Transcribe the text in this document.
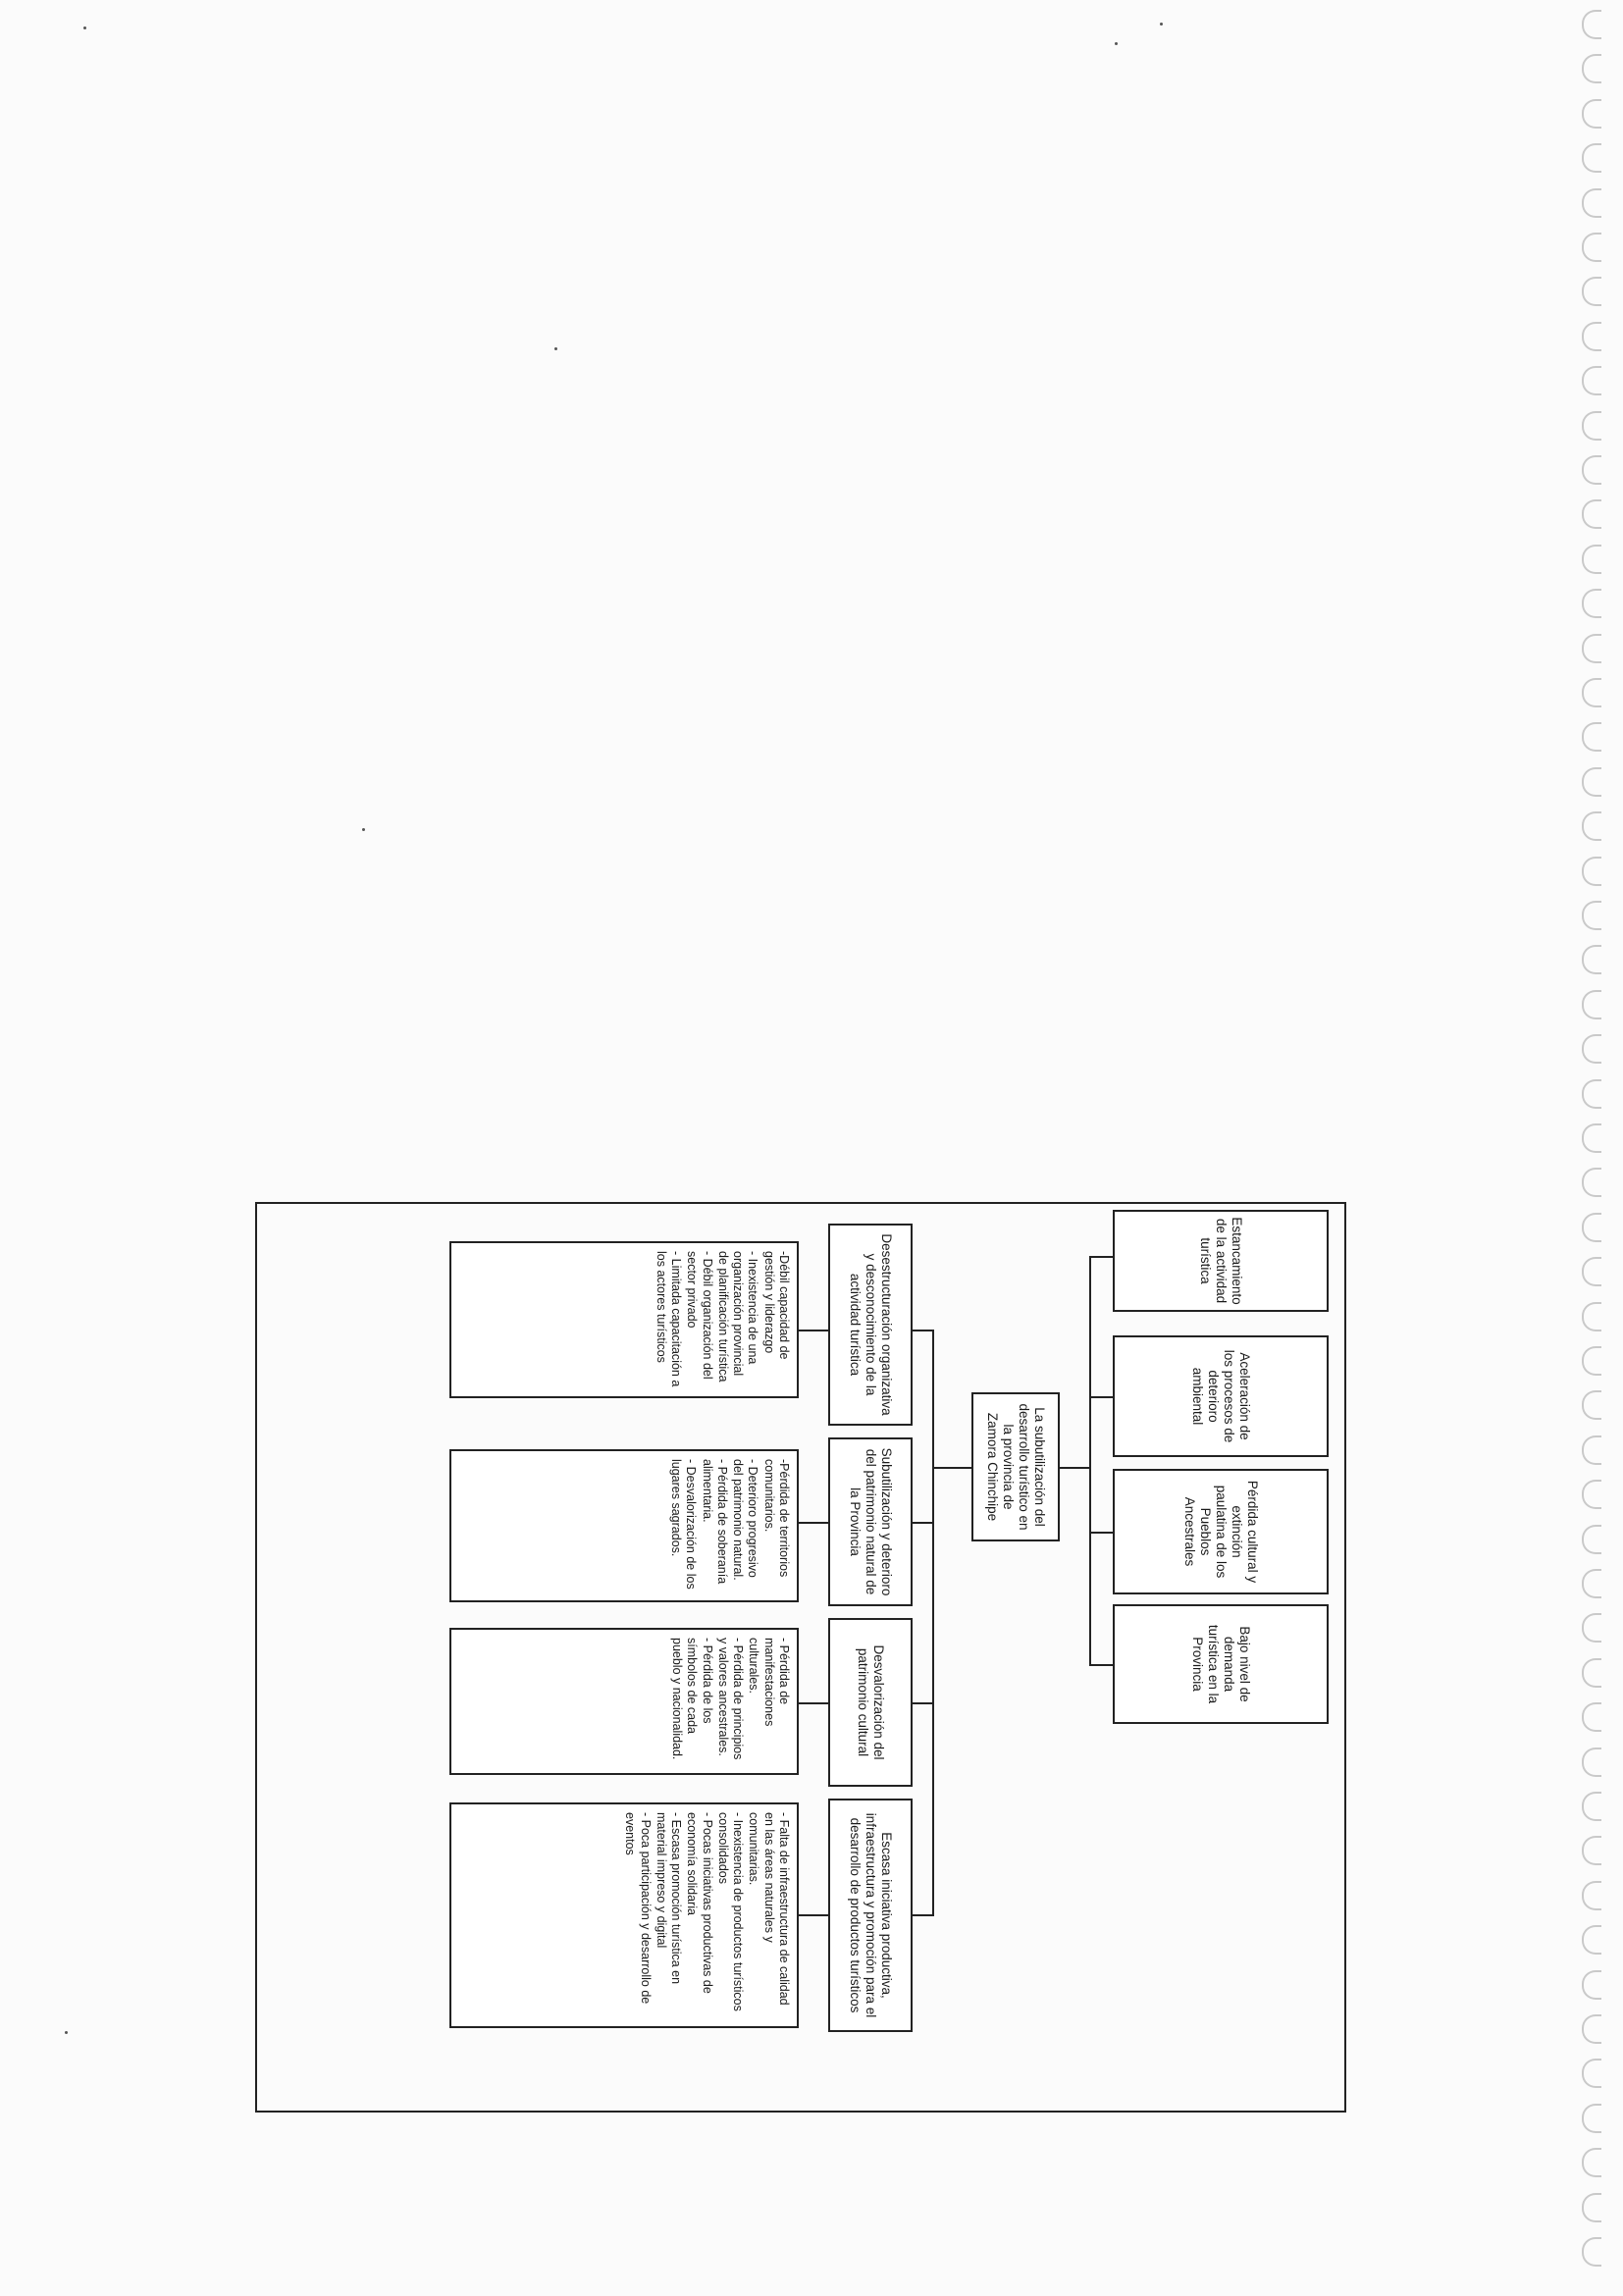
Estancamiento de la actividad turística
Aceleración de los procesos de deterioro ambiental
Pérdida cultural y extinción paulatina de los Pueblos Ancestrales
Bajo nivel de demanda turística en la Provincia
La subutilización del desarrollo turístico en la provincia de Zamora Chinchipe
Desestructuración organizativa y desconocimiento de la actividad turística
Subutilización y deterioro del patrimonio natural de la Provincia
Desvalorización del patrimonio cultural
Escasa iniciativa productiva, infraestructura y promoción para el desarrollo de productos turísticos
-Débil capacidad de gestión y liderazgo
- Inexistencia de una organización provincial de planificación turística
- Débil organización del sector privado
- Limitada capacitación a los actores turísticos
-Pérdida de territorios comunitarios.
- Deterioro progresivo del patrimonio natural.
- Pérdida de soberanía alimentaria.
- Desvalorización de los lugares sagrados.
- Pérdida de manifestaciones culturales.
- Pérdida de principios y valores ancestrales.
- Pérdida de los símbolos de cada pueblo y nacionalidad.
- Falta de infraestructura de calidad en las áreas naturales y comunitarias.
- Inexistencia de productos turísticos consolidados
- Pocas iniciativas productivas de economía solidaria
- Escasa promoción turística en material impreso y digital
- Poca participación y desarrollo de eventos
